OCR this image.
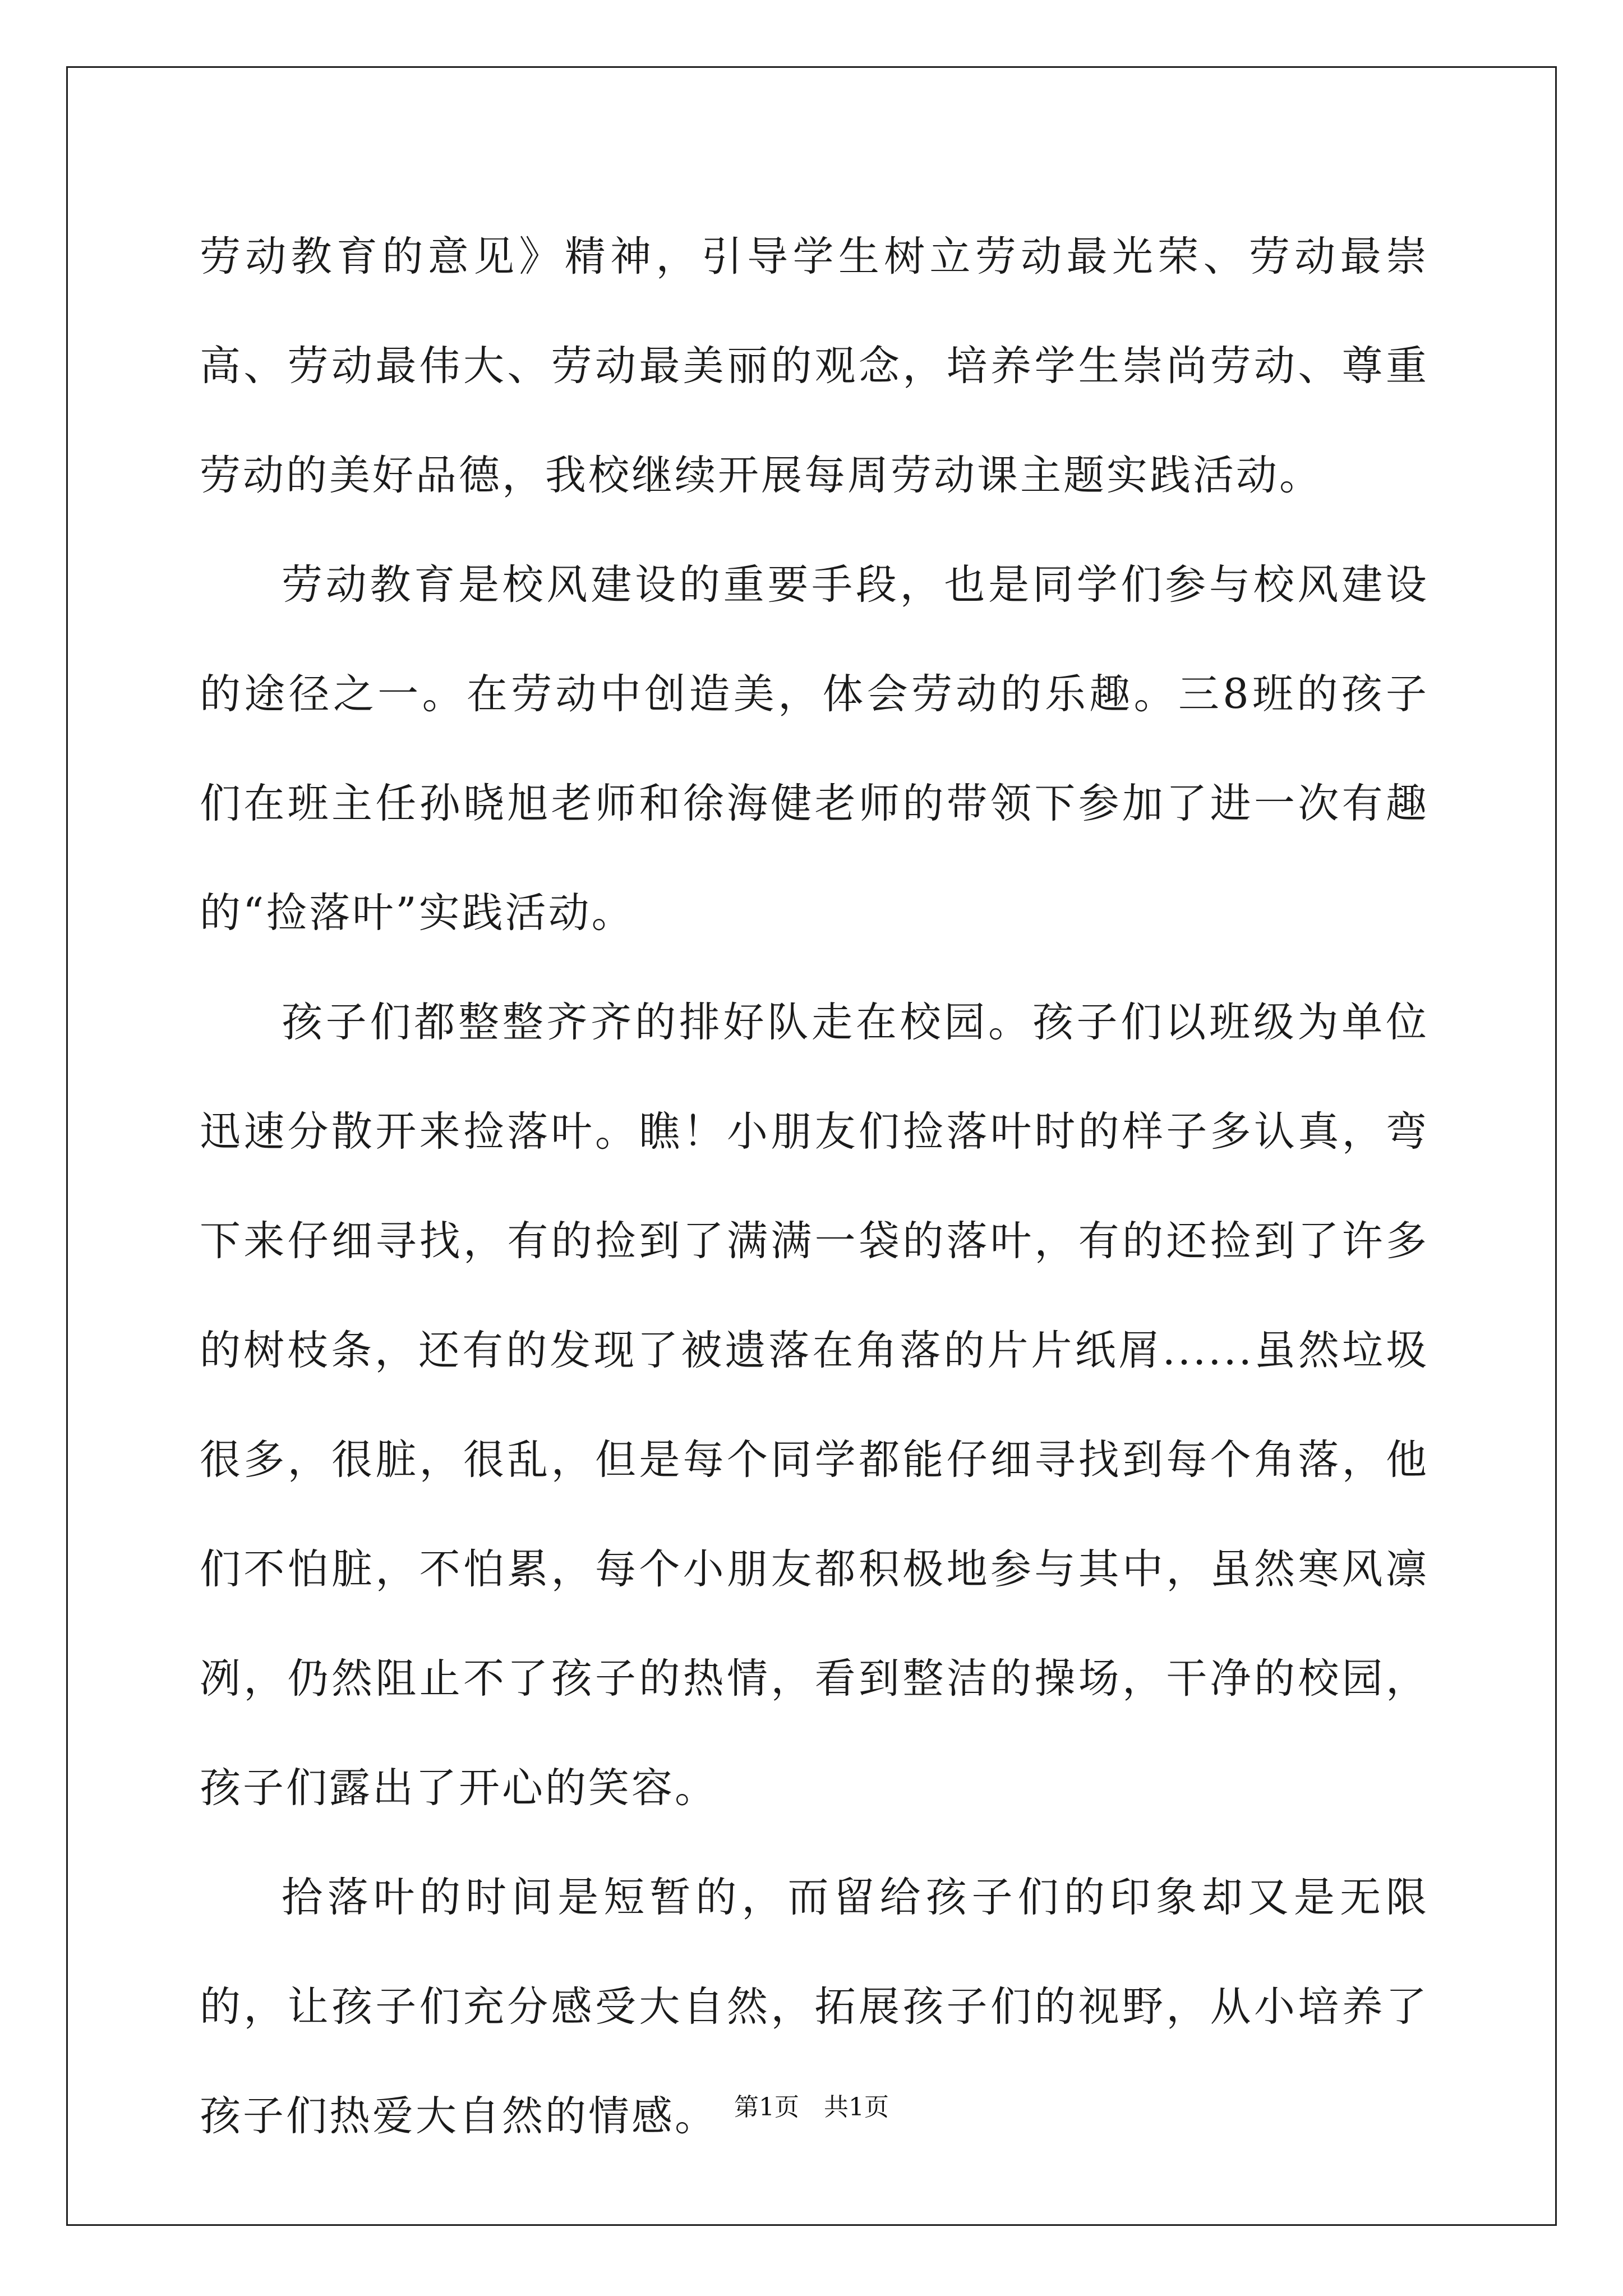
劳动教育的意见》精神，引导学生树立劳动最光荣、劳动最崇高、劳动最伟大、劳动最美丽的观念，培养学生崇尚劳动、尊重劳动的美好品德，我校继续开展每周劳动课主题实践活动。

劳动教育是校风建设的重要手段，也是同学们参与校风建设的途径之一。在劳动中创造美，体会劳动的乐趣。三8班的孩子们在班主任孙晓旭老师和徐海健老师的带领下参加了进一次有趣的“捡落叶”实践活动。

孩子们都整整齐齐的排好队走在校园。孩子们以班级为单位迅速分散开来捡落叶。瞧！小朋友们捡落叶时的样子多认真，弯下来仔细寻找，有的捡到了满满一袋的落叶，有的还捡到了许多的树枝条，还有的发现了被遗落在角落的片片纸屑......虽然垃圾很多，很脏，很乱，但是每个同学都能仔细寻找到每个角落，他们不怕脏，不怕累，每个小朋友都积极地参与其中，虽然寒风凛冽，仍然阻止不了孩子的热情，看到整洁的操场，干净的校园，孩子们露出了开心的笑容。

拾落叶的时间是短暂的，而留给孩子们的印象却又是无限的，让孩子们充分感受大自然，拓展孩子们的视野，从小培养了孩子们热爱大自然的情感。 第1页　共1页
